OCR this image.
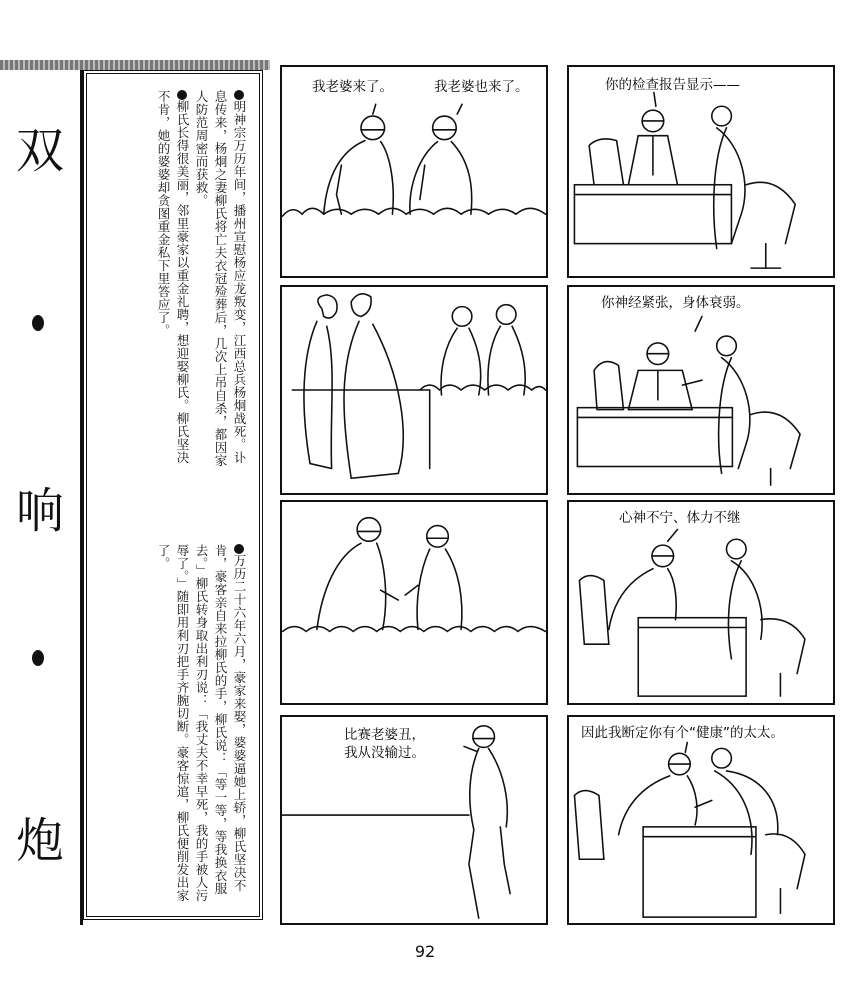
双
响
炮

明神宗万历年间，播州宣慰杨应龙叛变，江西总兵杨炯战死。讣息传来，杨炯之妻柳氏将亡夫衣冠殓葬后，几次上吊自杀，都因家人防范周密而获救。

柳氏长得很美丽，邻里豪家以重金礼聘，想迎娶柳氏。柳氏坚决不肯，她的婆婆却贪图重金私下里答应了。

万历二十六年六月，豪家来娶，婆婆逼她上轿，柳氏坚决不肯，豪客亲自来拉柳氏的手，柳氏说：「等一等，等我换衣服去。」柳氏转身取出利刃说：「我丈夫不幸早死，我的手被人污辱了。」随即用利刃把手齐腕切断。豪客惊逭，柳氏便削发出家了。

我老婆来了。	我老婆也来了。	你的检查报告显示——
你神经紧张，身体衰弱。
心神不宁、体力不继
比赛老婆丑，
我从没输过。
因此我断定你有个“健康”的太太。
92
